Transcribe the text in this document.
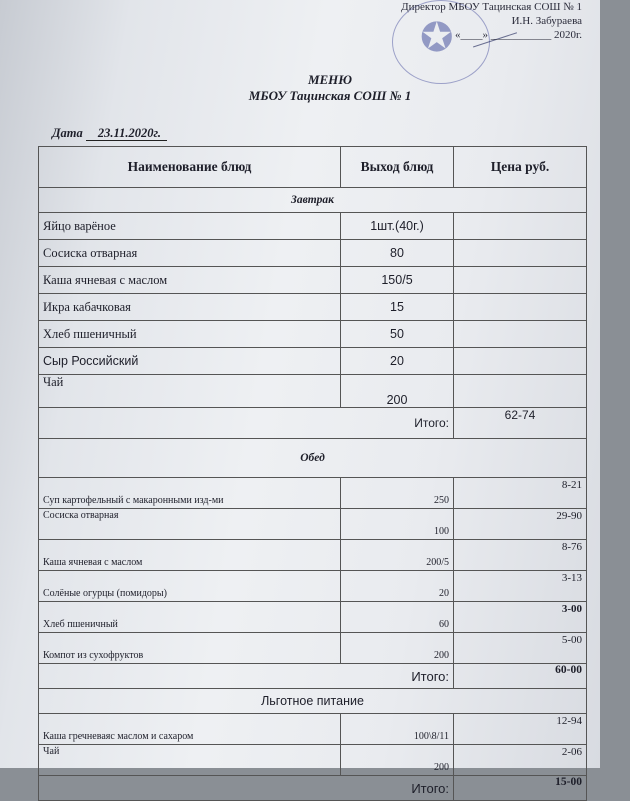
✪
Директор МБОУ Тацинская СОШ № 1
И.Н. Забураева
«____» ___________ 2020г.
МЕНЮ
МБОУ Тацинская СОШ № 1
Дата 23.11.2020г.
Наименование блюд	Выход блюд	Цена руб.
Завтрак		
Яйцо варёное	1шт.(40г.)	
Сосиска отварная	80	
Каша ячневая с маслом	150/5	
Икра кабачковая	15	
Хлеб пшеничный	50	
Сыр Российский	20	
Чай	200	
Итого:		62-74
Обед		
Суп картофельный с макаронными изд-ми	250	8-21
Сосиска отварная	100	29-90
Каша ячневая с маслом	200/5	8-76
Солёные огурцы (помидоры)	20	3-13
Хлеб пшеничный	60	3-00
Компот из сухофруктов	200	5-00
Итого:		60-00
Льготное питание		
Каша гречневаяс маслом и сахаром	100\8/11	12-94
Чай	200	2-06
Итого:		15-00
